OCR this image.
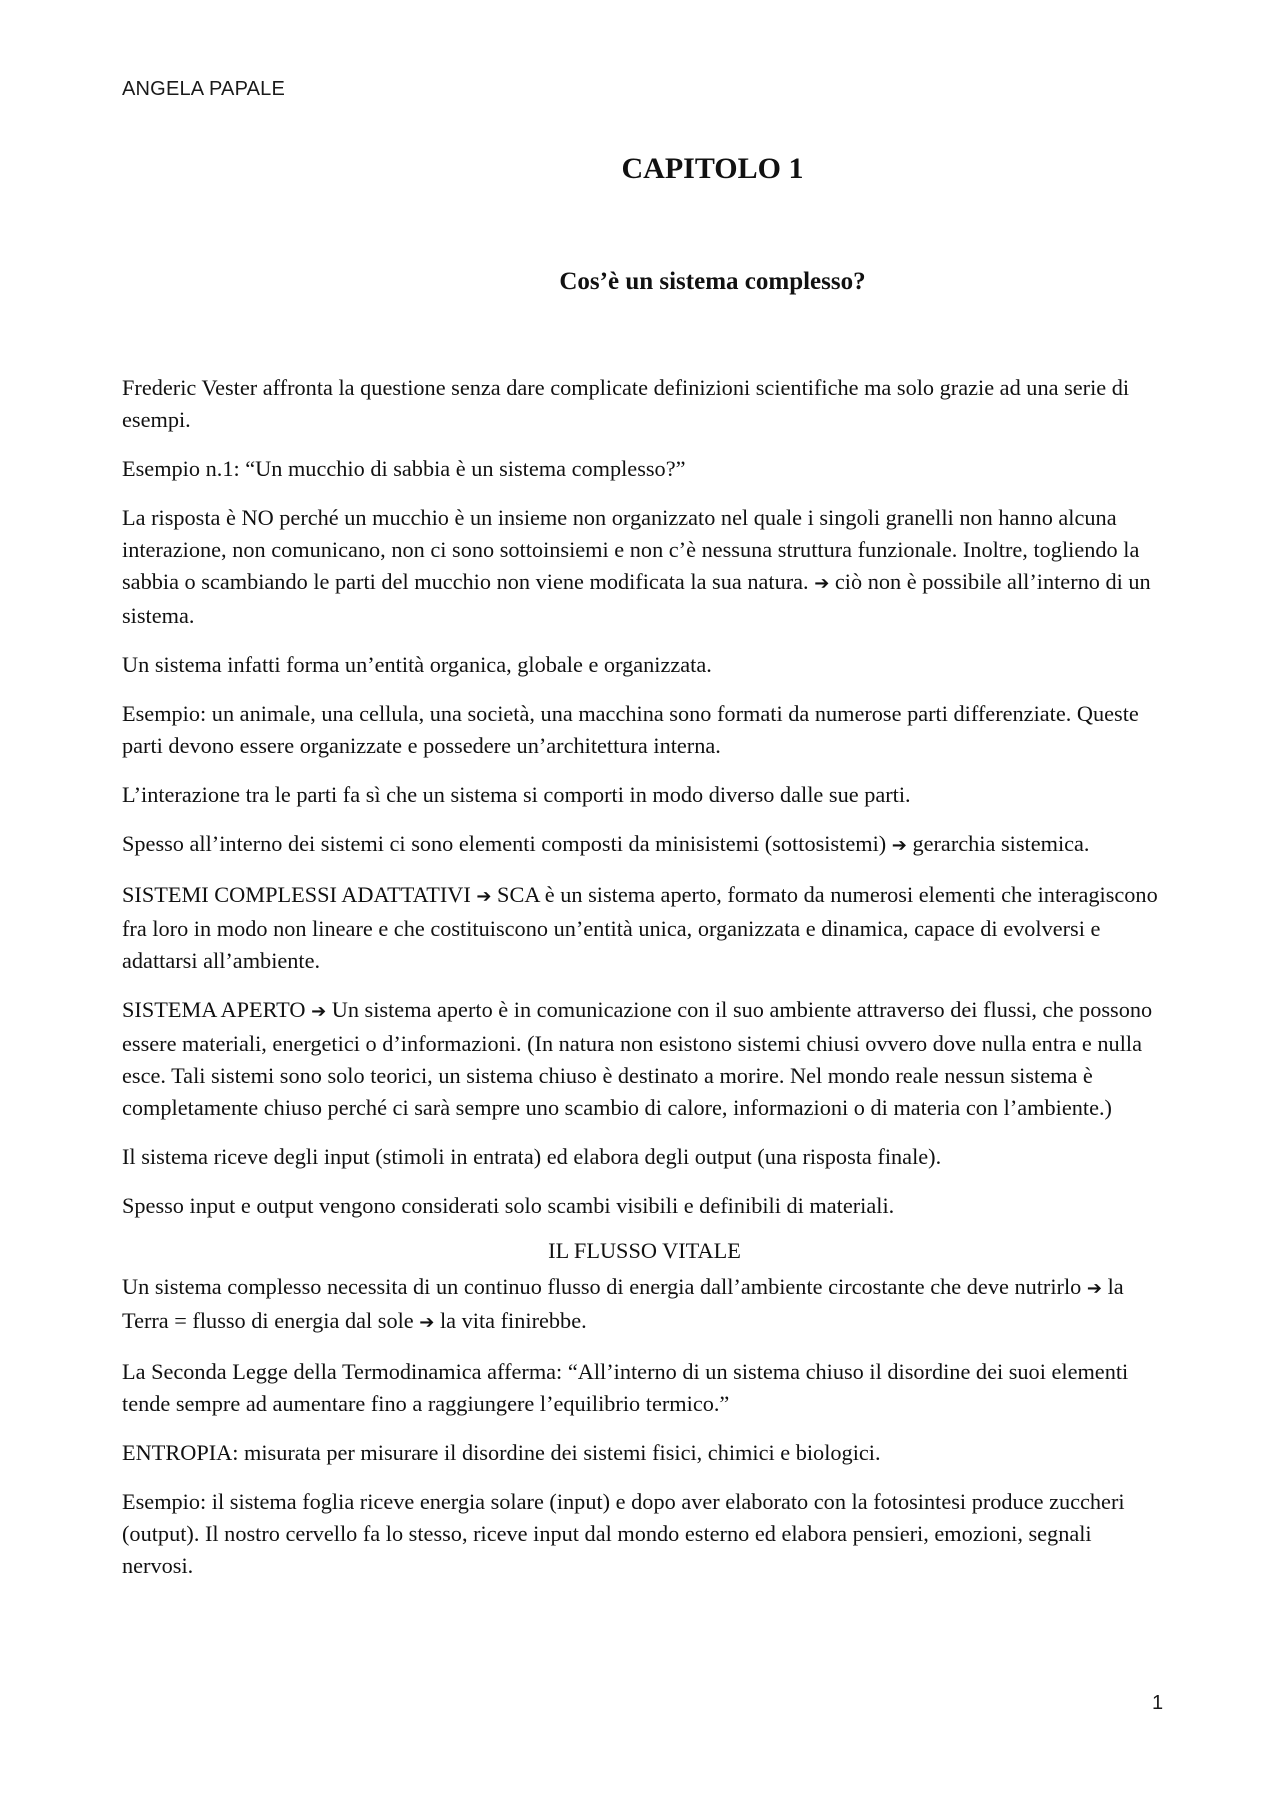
ANGELA PAPALE
CAPITOLO 1
Cos’è un sistema complesso?

Frederic Vester affronta la questione senza dare complicate definizioni scientifiche ma solo grazie ad una serie di esempi.

Esempio n.1: “Un mucchio di sabbia è un sistema complesso?”

La risposta è NO perché un mucchio è un insieme non organizzato nel quale i singoli granelli non hanno alcuna interazione, non comunicano, non ci sono sottoinsiemi e non c’è nessuna struttura funzionale. Inoltre, togliendo la sabbia o scambiando le parti del mucchio non viene modificata la sua natura. ➔ ciò non è possibile all’interno di un sistema.

Un sistema infatti forma un’entità organica, globale e organizzata.

Esempio: un animale, una cellula, una società, una macchina sono formati da numerose parti differenziate. Queste parti devono essere organizzate e possedere un’architettura interna.

L’interazione tra le parti fa sì che un sistema si comporti in modo diverso dalle sue parti.

Spesso all’interno dei sistemi ci sono elementi composti da minisistemi (sottosistemi) ➔ gerarchia sistemica.

SISTEMI COMPLESSI ADATTATIVI ➔ SCA è un sistema aperto, formato da numerosi elementi che interagiscono fra loro in modo non lineare e che costituiscono un’entità unica, organizzata e dinamica, capace di evolversi e adattarsi all’ambiente.

SISTEMA APERTO ➔ Un sistema aperto è in comunicazione con il suo ambiente attraverso dei flussi, che possono essere materiali, energetici o d’informazioni. (In natura non esistono sistemi chiusi ovvero dove nulla entra e nulla esce. Tali sistemi sono solo teorici, un sistema chiuso è destinato a morire. Nel mondo reale nessun sistema è completamente chiuso perché ci sarà sempre uno scambio di calore, informazioni o di materia con l’ambiente.)

Il sistema riceve degli input (stimoli in entrata) ed elabora degli output (una risposta finale).

Spesso input e output vengono considerati solo scambi visibili e definibili di materiali.

IL FLUSSO VITALE

Un sistema complesso necessita di un continuo flusso di energia dall’ambiente circostante che deve nutrirlo ➔ la Terra = flusso di energia dal sole ➔ la vita finirebbe.

La Seconda Legge della Termodinamica afferma: “All’interno di un sistema chiuso il disordine dei suoi elementi tende sempre ad aumentare fino a raggiungere l’equilibrio termico.”

ENTROPIA: misurata per misurare il disordine dei sistemi fisici, chimici e biologici.

Esempio: il sistema foglia riceve energia solare (input) e dopo aver elaborato con la fotosintesi produce zuccheri (output). Il nostro cervello fa lo stesso, riceve input dal mondo esterno ed elabora pensieri, emozioni, segnali nervosi.

1
